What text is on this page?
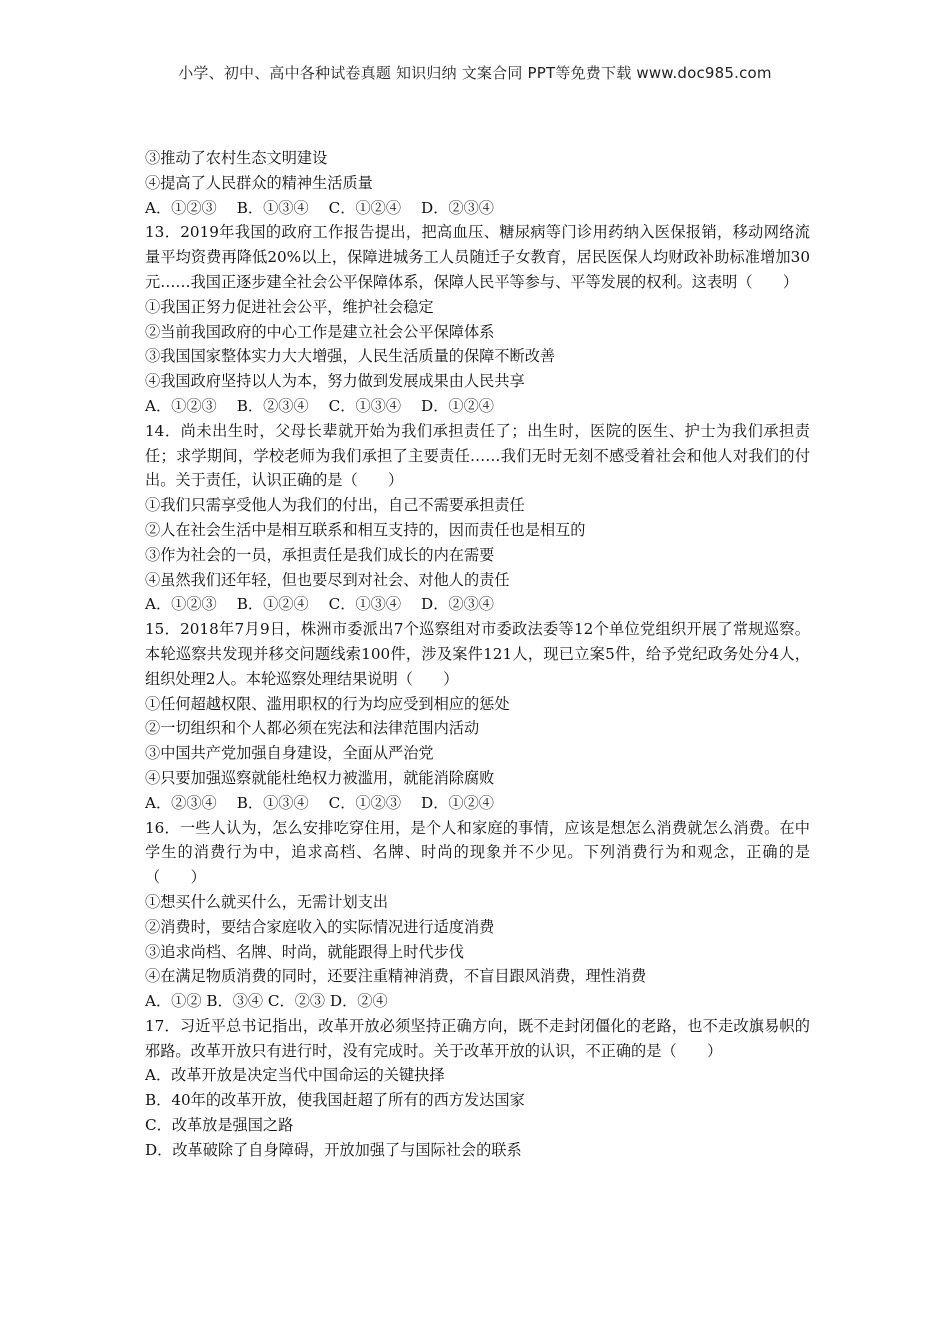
小学、初中、高中各种试卷真题 知识归纳 文案合同 PPT等免费下载 www.doc985.com
③推动了农村生态文明建设
④提高了人民群众的精神生活质量
A．①②③　 B．①③④　 C．①②④　 D．②③④
13．2019年我国的政府工作报告提出，把高血压、糖尿病等门诊用药纳入医保报销，移动网络流量平均资费再降低20%以上，保障进城务工人员随迁子女教育，居民医保人均财政补助标准增加30元……我国正逐步建全社会公平保障体系，保障人民平等参与、平等发展的权利。这表明（　　）
①我国正努力促进社会公平，维护社会稳定
②当前我国政府的中心工作是建立社会公平保障体系
③我国国家整体实力大大增强，人民生活质量的保障不断改善
④我国政府坚持以人为本，努力做到发展成果由人民共享
A．①②③　 B．②③④　 C．①③④　 D．①②④
14．尚未出生时，父母长辈就开始为我们承担责任了；出生时，医院的医生、护士为我们承担责任；求学期间，学校老师为我们承担了主要责任……我们无时无刻不感受着社会和他人对我们的付出。关于责任，认识正确的是（　　）
①我们只需享受他人为我们的付出，自己不需要承担责任
②人在社会生活中是相互联系和相互支持的，因而责任也是相互的
③作为社会的一员，承担责任是我们成长的内在需要
④虽然我们还年轻，但也要尽到对社会、对他人的责任
A．①②③　 B．①②④　 C．①③④　 D．②③④
15．2018年7月9日，株洲市委派出7个巡察组对市委政法委等12个单位党组织开展了常规巡察。本轮巡察共发现并移交问题线索100件，涉及案件121人，现已立案5件，给予党纪政务处分4人，组织处理2人。本轮巡察处理结果说明（　　）
①任何超越权限、滥用职权的行为均应受到相应的惩处
②一切组织和个人都必须在宪法和法律范围内活动
③中国共产党加强自身建设，全面从严治党
④只要加强巡察就能杜绝权力被滥用，就能消除腐败
A．②③④　 B．①③④　 C．①②③　 D．①②④
16．一些人认为，怎么安排吃穿住用，是个人和家庭的事情，应该是想怎么消费就怎么消费。在中学生的消费行为中，追求高档、名牌、时尚的现象并不少见。下列消费行为和观念，正确的是（　　）
①想买什么就买什么，无需计划支出
②消费时，要结合家庭收入的实际情况进行适度消费
③追求尚档、名牌、时尚，就能跟得上时代步伐
④在满足物质消费的同时，还要注重精神消费，不盲目跟风消费，理性消费
A．①② B．③④ C．②③ D．②④
17．习近平总书记指出，改革开放必须坚持正确方向，既不走封闭僵化的老路，也不走改旗易帜的邪路。改革开放只有进行时，没有完成时。关于改革开放的认识，不正确的是（　　）
A．改革开放是决定当代中国命运的关键抉择
B．40年的改革开放，使我国赶超了所有的西方发达国家
C．改革放是强国之路
D．改革破除了自身障碍，开放加强了与国际社会的联系
